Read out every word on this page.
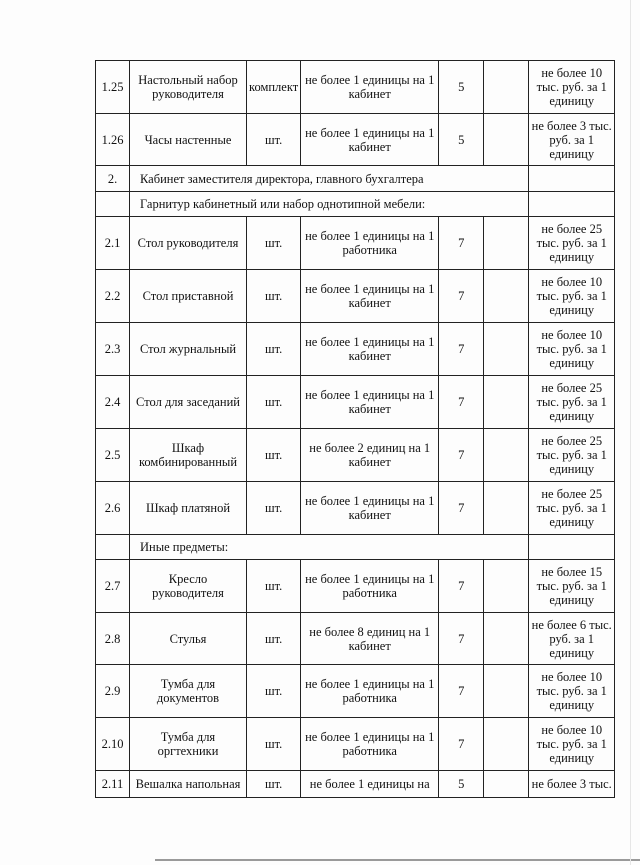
1.25	Настольный набор руководителя	комплект	не более 1 единицы на 1 кабинет	5		не более 10 тыс. руб. за 1 единицу
1.26	Часы настенные	шт.	не более 1 единицы на 1 кабинет	5		не более 3 тыс. руб. за 1 единицу
2.	Кабинет заместителя директора, главного бухгалтера					
	Гарнитур кабинетный или набор однотипной мебели:					
2.1	Стол руководителя	шт.	не более 1 единицы на 1 работника	7		не более 25 тыс. руб. за 1 единицу
2.2	Стол приставной	шт.	не более 1 единицы на 1 кабинет	7		не более 10 тыс. руб. за 1 единицу
2.3	Стол журнальный	шт.	не более 1 единицы на 1 кабинет	7		не более 10 тыс. руб. за 1 единицу
2.4	Стол для заседаний	шт.	не более 1 единицы на 1 кабинет	7		не более 25 тыс. руб. за 1 единицу
2.5	Шкаф комбинированный	шт.	не более 2 единиц на 1 кабинет	7		не более 25 тыс. руб. за 1 единицу
2.6	Шкаф платяной	шт.	не более 1 единицы на 1 кабинет	7		не более 25 тыс. руб. за 1 единицу
	Иные предметы:					
2.7	Кресло руководителя	шт.	не более 1 единицы на 1 работника	7		не более 15 тыс. руб. за 1 единицу
2.8	Стулья	шт.	не более 8 единиц на 1 кабинет	7		не более 6 тыс. руб. за 1 единицу
2.9	Тумба для документов	шт.	не более 1 единицы на 1 работника	7		не более 10 тыс. руб. за 1 единицу
2.10	Тумба для оргтехники	шт.	не более 1 единицы на 1 работника	7		не более 10 тыс. руб. за 1 единицу
2.11	Вешалка напольная	шт.	не более 1 единицы на	5		не более 3 тыс.
